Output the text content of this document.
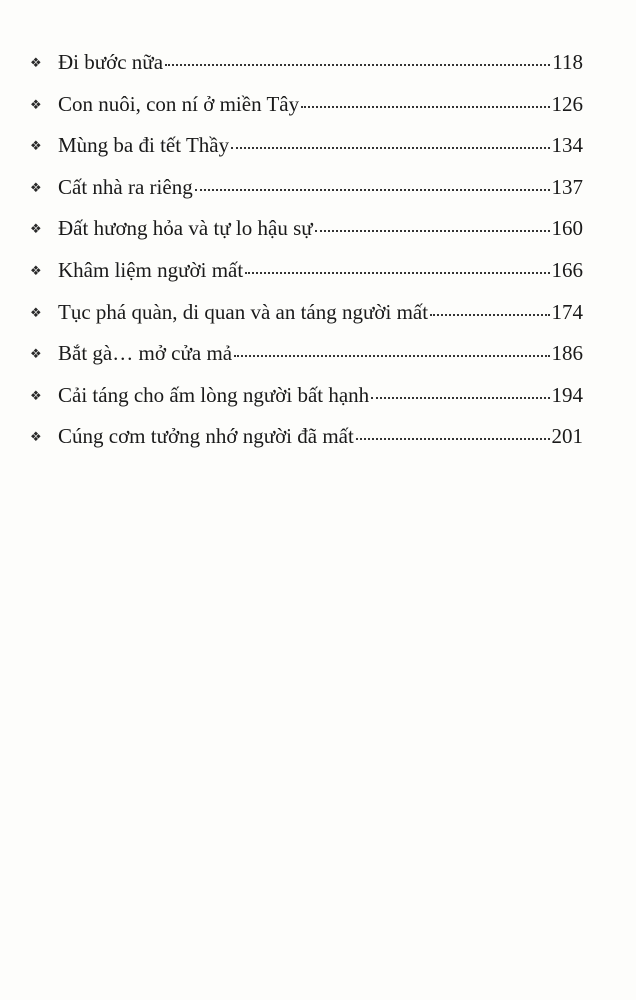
❖ Đi bước nữa	118
❖ Con nuôi, con ní ở miền Tây	126
❖ Mùng ba đi tết Thầy	134
❖ Cất nhà ra riêng	137
❖ Đất hương hỏa và tự lo hậu sự	160
❖ Khâm liệm người mất	166
❖ Tục phá quàn, di quan và an táng người mất	174
❖ Bắt gà… mở cửa mả	186
❖ Cải táng cho ấm lòng người bất hạnh	194
❖ Cúng cơm tưởng nhớ người đã mất	201
